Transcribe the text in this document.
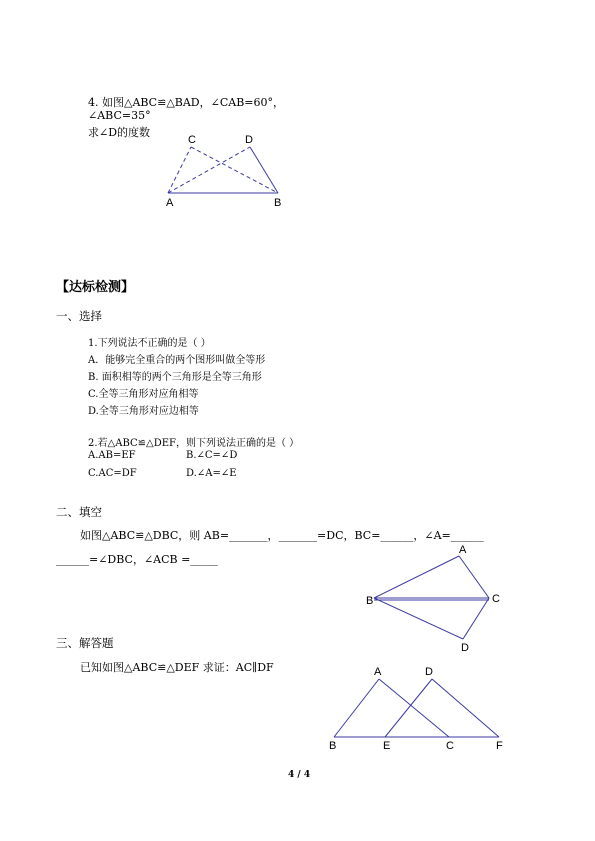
4. 如图△ABC≌△BAD，∠CAB=60°，
∠ABC=35°
求∠D的度数
C	D
A	B
【达标检测】
一、选择
1.下列说法不正确的是（ ）
A．能够完全重合的两个图形叫做全等形
B. 面积相等的两个三角形是全等三角形
C.全等三角形对应角相等
D.全等三角形对应边相等
2.若△ABC≌△DEF，则下列说法正确的是（ ）
A.AB=EF	B.∠C=∠D
C.AC=DF	D.∠A=∠E
二、填空
如图△ABC≌△DBC，则 AB=_______，_______=DC，BC=______，∠A=______
______=∠DBC，∠ACB =_____
A
B	C
D
三、解答题
已知如图△ABC≌△DEF 求证：AC∥DF	A	D
B	E	C	F
4 / 4
